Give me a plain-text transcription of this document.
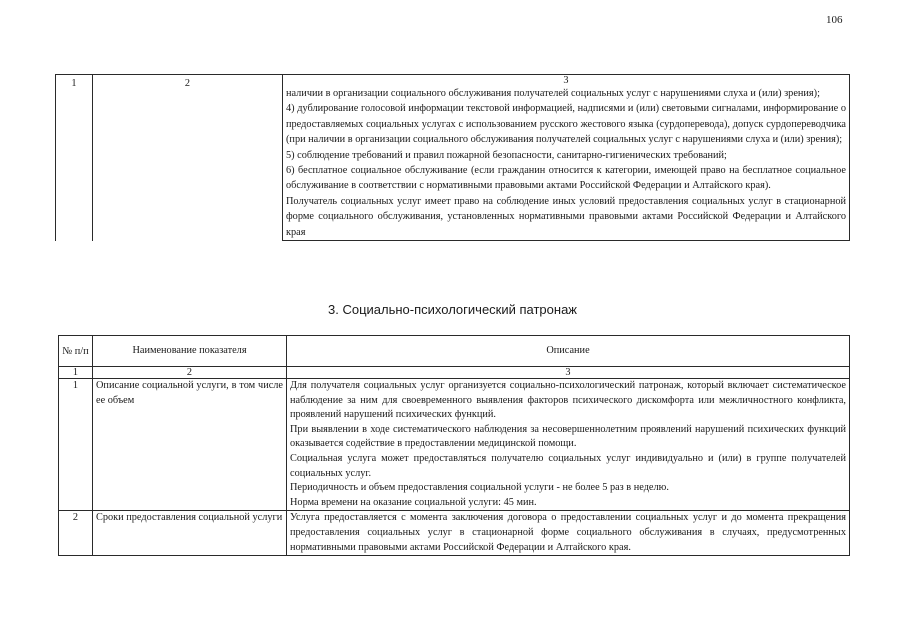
106
1	2	3

наличии в организации социального обслуживания получателей социальных услуг с нарушениями слуха и (или) зрения);

4) дублирование голосовой информации текстовой информацией, надписями и (или) световыми сигналами, информирование о предоставляемых социальных услугах с использованием русского жестового языка (сурдоперевода), допуск сурдопереводчика (при наличии в организации социального обслуживания получателей социальных услуг с нарушениями слуха и (или) зрения);

5) соблюдение требований и правил пожарной безопасности, санитарно-гигиенических требований;

6) бесплатное социальное обслуживание (если гражданин относится к категории, имеющей право на бесплатное социальное обслуживание в соответствии с нормативными правовыми актами Российской Федерации и Алтайского края).

Получатель социальных услуг имеет право на соблюдение иных условий предоставления социальных услуг в стационарной форме социального обслуживания, установленных нормативными правовыми актами Российской Федерации и Алтайского края

3. Социально-психологический патронаж
№ п/п	Наименование показателя	Описание
1	2	3
1	Описание социальной услуги, в том числе ее объем	Для получателя социальных услуг организуется социально-психологический патронаж, который включает систематическое наблюдение за ним для своевременного выявления факторов психического дискомфорта или межличностного конфликта, проявлений нарушений психических функций.

При выявлении в ходе систематического наблюдения за несовершеннолетним проявлений нарушений психических функций оказывается содействие в предоставлении медицинской помощи.

Социальная услуга может предоставляться получателю социальных услуг индивидуально и (или) в группе получателей социальных услуг.

Периодичность и объем предоставления социальной услуги - не более 5 раз в неделю.

Норма времени на оказание социальной услуги: 45 мин.

2	Сроки предоставления социальной услуги	Услуга предоставляется с момента заключения договора о предоставлении социальных услуг и до момента прекращения предоставления социальных услуг в стационарной форме социального обслуживания в случаях, предусмотренных нормативными правовыми актами Российской Федерации и Алтайского края.
